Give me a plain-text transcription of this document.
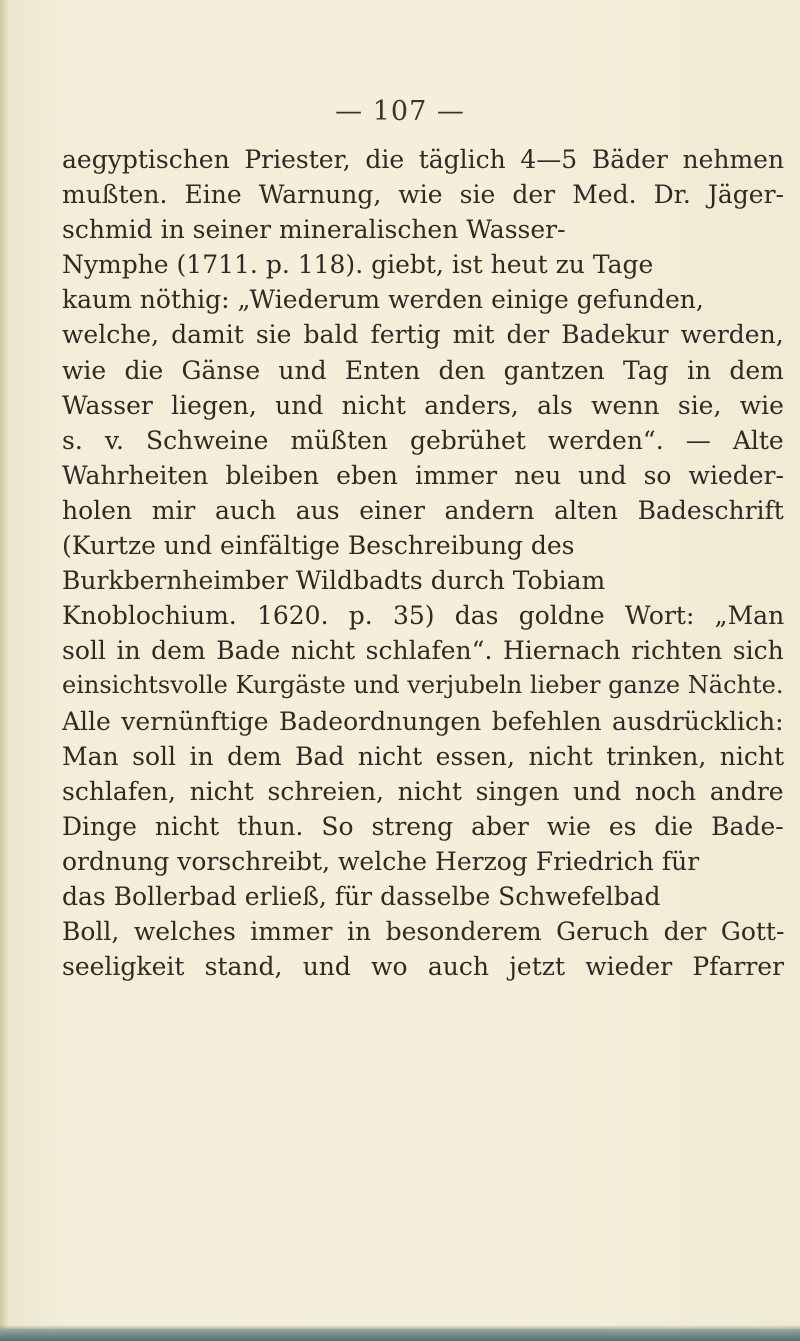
— 107 —
aegyptischen Priester, die täglich 4—5 Bäder nehmen
mußten. Eine Warnung, wie sie der Med. Dr. Jäger-
schmid in seiner mineralischen Wasser-
Nymphe (1711. p. 118). giebt, ist heut zu Tage
kaum nöthig: „Wiederum werden einige gefunden,
welche, damit sie bald fertig mit der Badekur werden,
wie die Gänse und Enten den gantzen Tag in dem
Wasser liegen, und nicht anders, als wenn sie, wie
s. v. Schweine müßten gebrühet werden“. — Alte
Wahrheiten bleiben eben immer neu und so wieder-
holen mir auch aus einer andern alten Badeschrift
(Kurtze und einfältige Beschreibung des
Burkbernheimber Wildbadts durch Tobiam
Knoblochium. 1620. p. 35) das goldne Wort: „Man
soll in dem Bade nicht schlafen“. Hiernach richten sich
einsichtsvolle Kurgäste und verjubeln lieber ganze Nächte.
Alle vernünftige Badeordnungen befehlen ausdrücklich:
Man soll in dem Bad nicht essen, nicht trinken, nicht
schlafen, nicht schreien, nicht singen und noch andre
Dinge nicht thun. So streng aber wie es die Bade-
ordnung vorschreibt, welche Herzog Friedrich für
das Bollerbad erließ, für dasselbe Schwefelbad
Boll, welches immer in besonderem Geruch der Gott-
seeligkeit stand, und wo auch jetzt wieder Pfarrer
